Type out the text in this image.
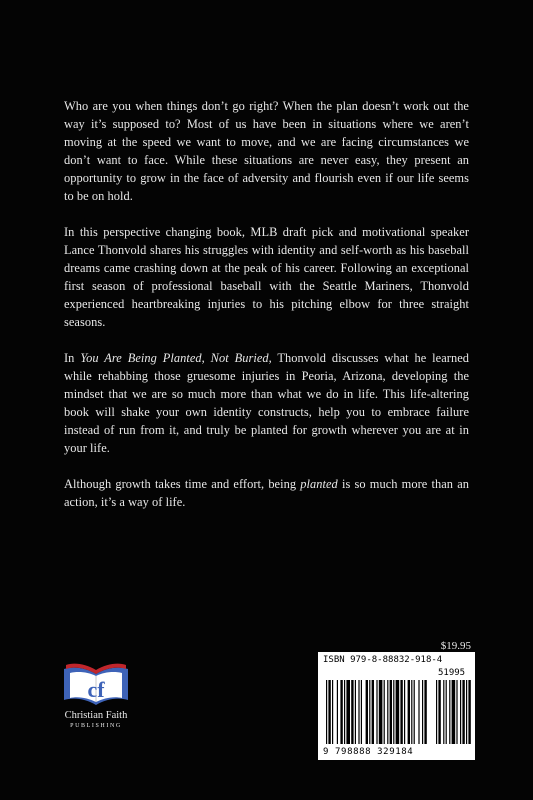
Who are you when things don’t go right? When the plan doesn’t work out the way it’s supposed to? Most of us have been in situations where we aren’t moving at the speed we want to move, and we are facing circumstances we don’t want to face. While these situations are never easy, they present an opportunity to grow in the face of adversity and flourish even if our life seems to be on hold.

In this perspective changing book, MLB draft pick and motivational speaker Lance Thonvold shares his struggles with identity and self-worth as his baseball dreams came crashing down at the peak of his career. Following an exceptional first season of professional baseball with the Seattle Mariners, Thonvold experienced heartbreaking injuries to his pitching elbow for three straight seasons.

In You Are Being Planted, Not Buried, Thonvold discusses what he learned while rehabbing those gruesome injuries in Peoria, Arizona, developing the mindset that we are so much more than what we do in life. This life-altering book will shake your own identity constructs, help you to embrace failure instead of run from it, and truly be planted for growth wherever you are at in your life.

Although growth takes time and effort, being planted is so much more than an action, it’s a way of life.

cf
Christian Faith
PUBLISHING
$19.95
ISBN 979-8-88832-918-4
51995
9 798888 329184
